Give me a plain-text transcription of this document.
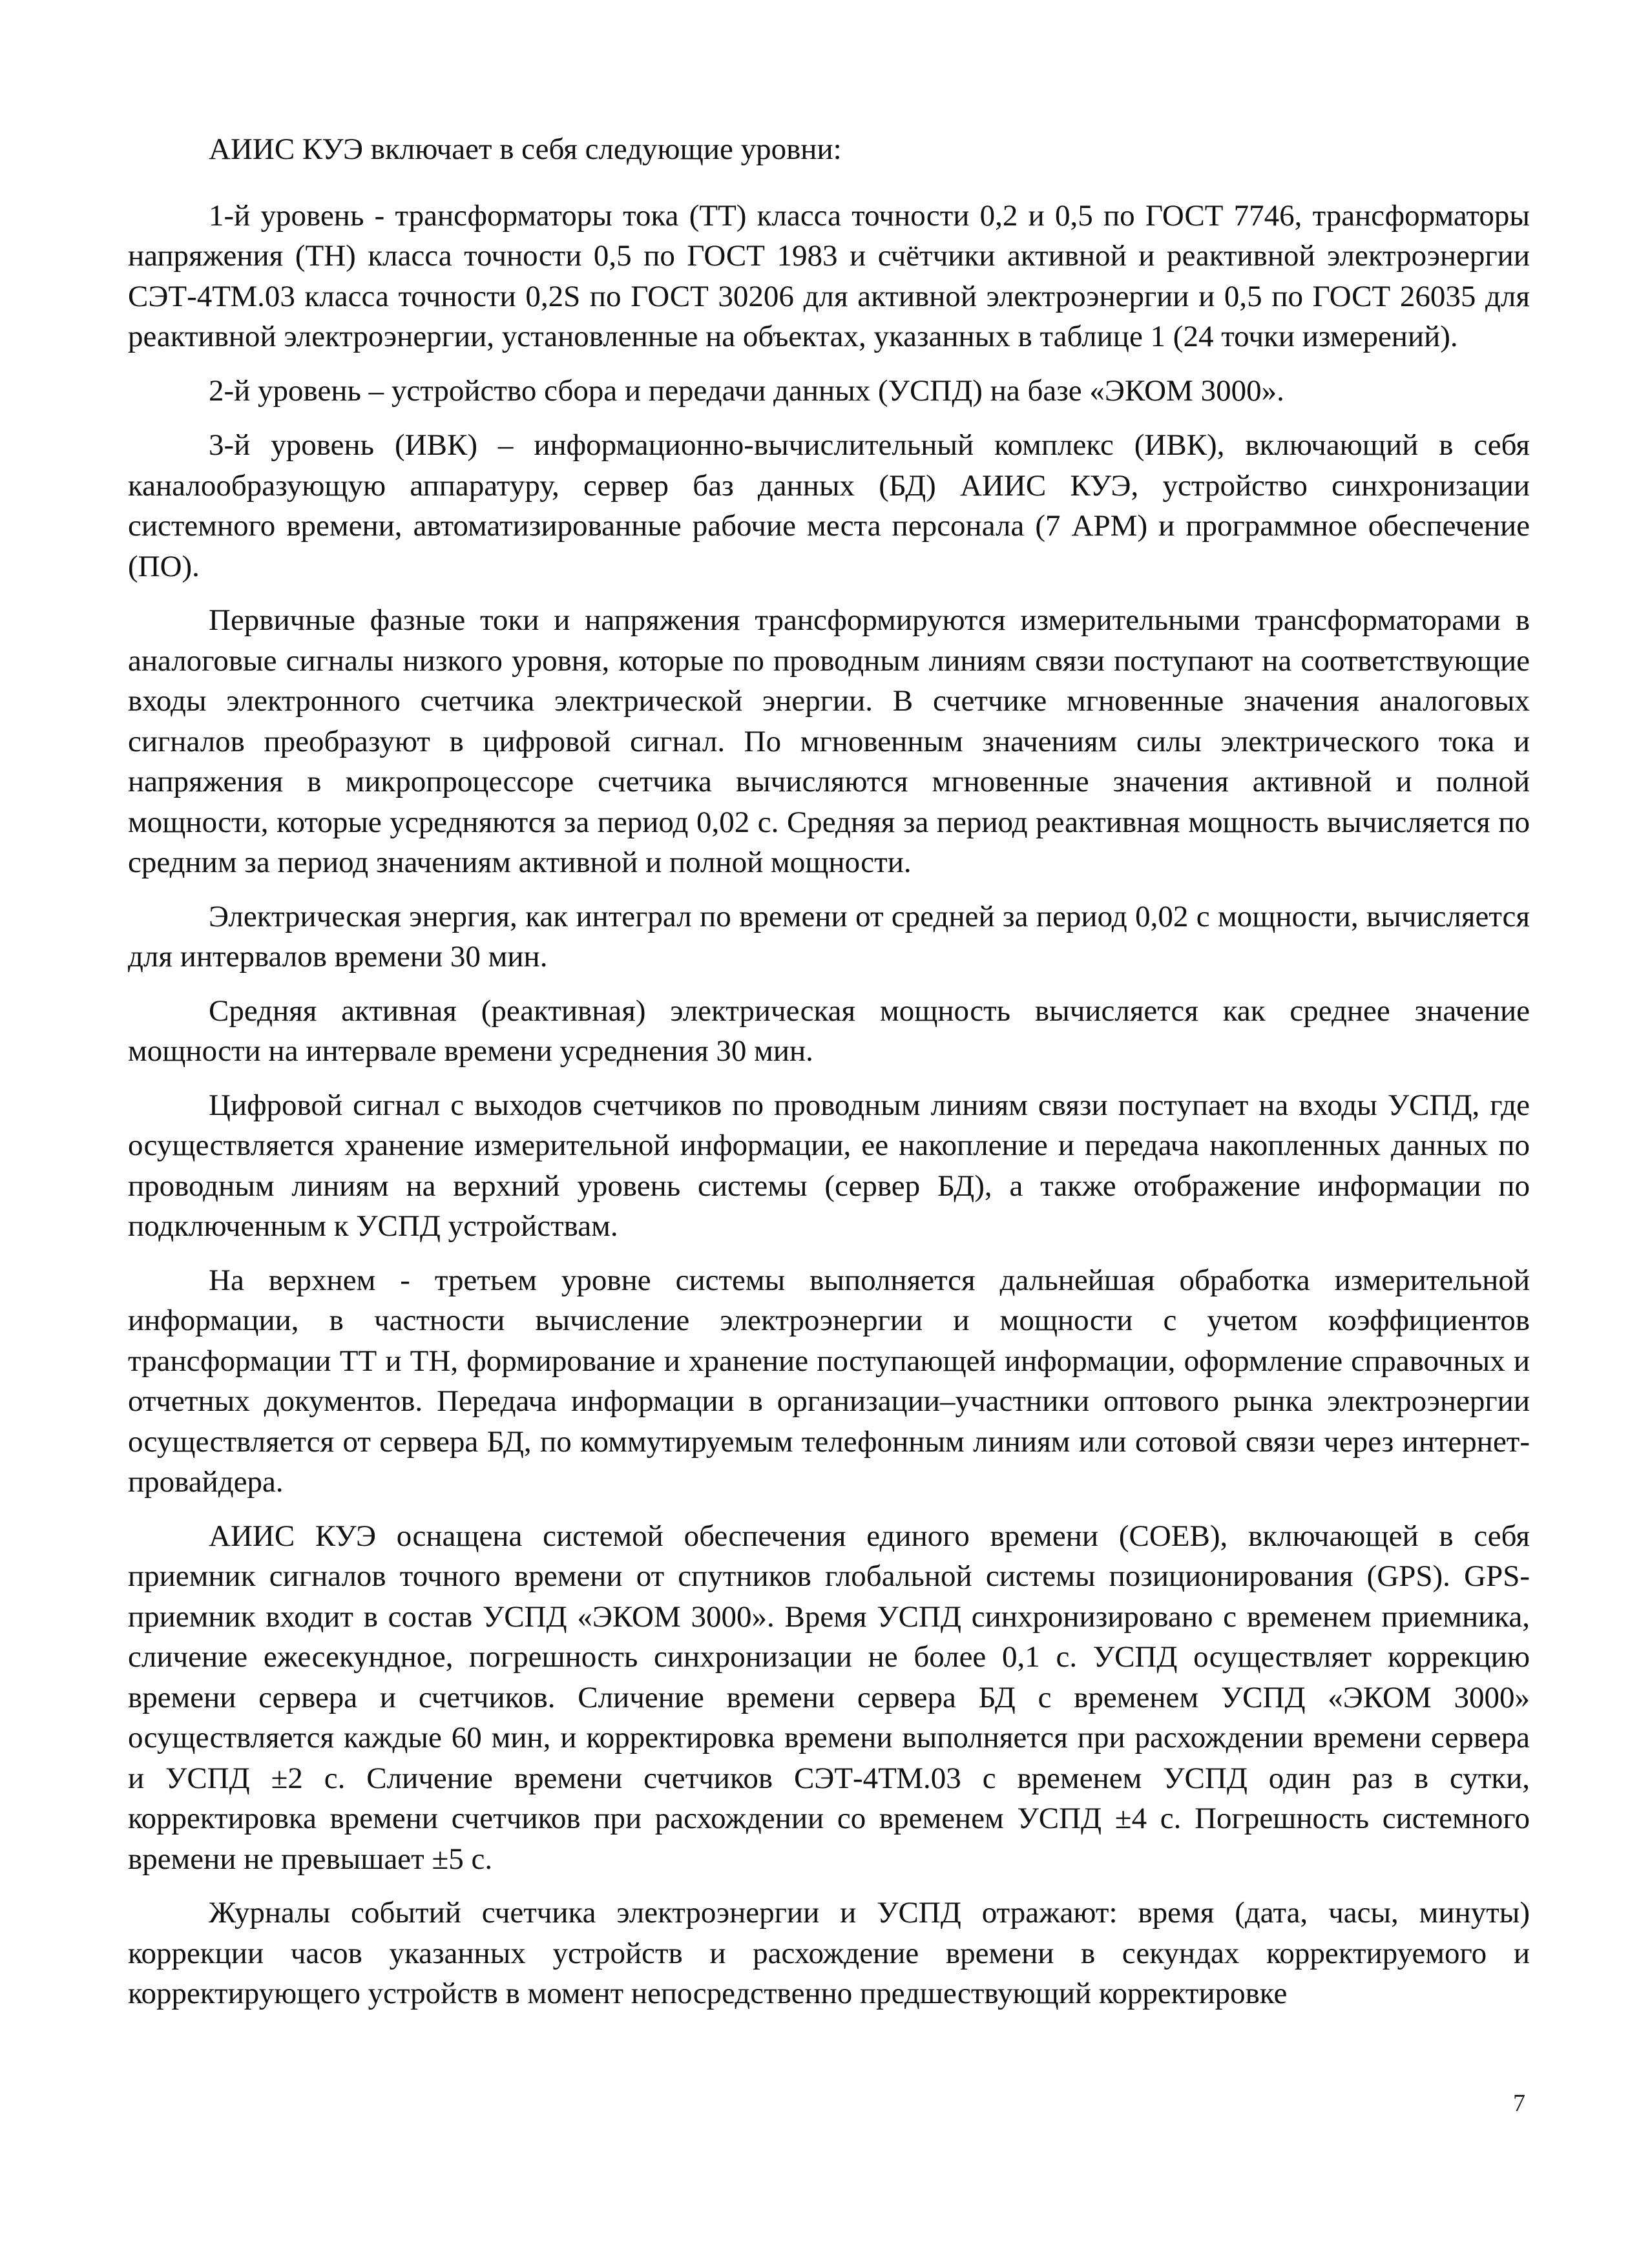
АИИС КУЭ включает в себя следующие уровни:

1-й уровень - трансформаторы тока (ТТ) класса точности 0,2 и 0,5 по ГОСТ 7746, трансформаторы напряжения (ТН) класса точности 0,5 по ГОСТ 1983 и счётчики активной и реактивной электроэнергии СЭТ-4ТМ.03 класса точности 0,2S по ГОСТ 30206 для активной электроэнергии и 0,5 по ГОСТ 26035 для реактивной электроэнергии, установленные на объектах, указанных в таблице 1 (24 точки измерений).

2-й уровень – устройство сбора и передачи данных (УСПД) на базе «ЭКОМ 3000».

3-й уровень (ИВК) – информационно-вычислительный комплекс (ИВК), включающий в себя каналообразующую аппаратуру, сервер баз данных (БД) АИИС КУЭ, устройство синхронизации системного времени, автоматизированные рабочие места персонала (7 АРМ) и программное обеспечение (ПО).

Первичные фазные токи и напряжения трансформируются измерительными трансформаторами в аналоговые сигналы низкого уровня, которые по проводным линиям связи поступают на соответствующие входы электронного счетчика электрической энергии. В счетчике мгновенные значения аналоговых сигналов преобразуют в цифровой сигнал. По мгновенным значениям силы электрического тока и напряжения в микропроцессоре счетчика вычисляются мгновенные значения активной и полной мощности, которые усредняются за период 0,02 с. Средняя за период реактивная мощность вычисляется по средним за период значениям активной и полной мощности.

Электрическая энергия, как интеграл по времени от средней за период 0,02 с мощности, вычисляется для интервалов времени 30 мин.

Средняя активная (реактивная) электрическая мощность вычисляется как среднее значение мощности на интервале времени усреднения 30 мин.

Цифровой сигнал с выходов счетчиков по проводным линиям связи поступает на входы УСПД, где осуществляется хранение измерительной информации, ее накопление и передача накопленных данных по проводным линиям на верхний уровень системы (сервер БД), а также отображение информации по подключенным к УСПД устройствам.

На верхнем - третьем уровне системы выполняется дальнейшая обработка измерительной информации, в частности вычисление электроэнергии и мощности с учетом коэффициентов трансформации ТТ и ТН, формирование и хранение поступающей информации, оформление справочных и отчетных документов. Передача информации в организации–участники оптового рынка электроэнергии осуществляется от сервера БД, по коммутируемым телефонным линиям или сотовой связи через интернет-провайдера.

АИИС КУЭ оснащена системой обеспечения единого времени (СОЕВ), включающей в себя приемник сигналов точного времени от спутников глобальной системы позиционирования (GPS). GPS-приемник входит в состав УСПД «ЭКОМ 3000». Время УСПД синхронизировано с временем приемника, сличение ежесекундное, погрешность синхронизации не более 0,1 с. УСПД осуществляет коррекцию времени сервера и счетчиков. Сличение времени сервера БД с временем УСПД «ЭКОМ 3000» осуществляется каждые 60 мин, и корректировка времени выполняется при расхождении времени сервера и УСПД ±2 с. Сличение времени счетчиков СЭТ-4ТМ.03 с временем УСПД один раз в сутки, корректировка времени счетчиков при расхождении со временем УСПД ±4 с. Погрешность системного времени не превышает ±5 с.

Журналы событий счетчика электроэнергии и УСПД отражают: время (дата, часы, минуты) коррекции часов указанных устройств и расхождение времени в секундах корректируемого и корректирующего устройств в момент непосредственно предшествующий корректировке

7
